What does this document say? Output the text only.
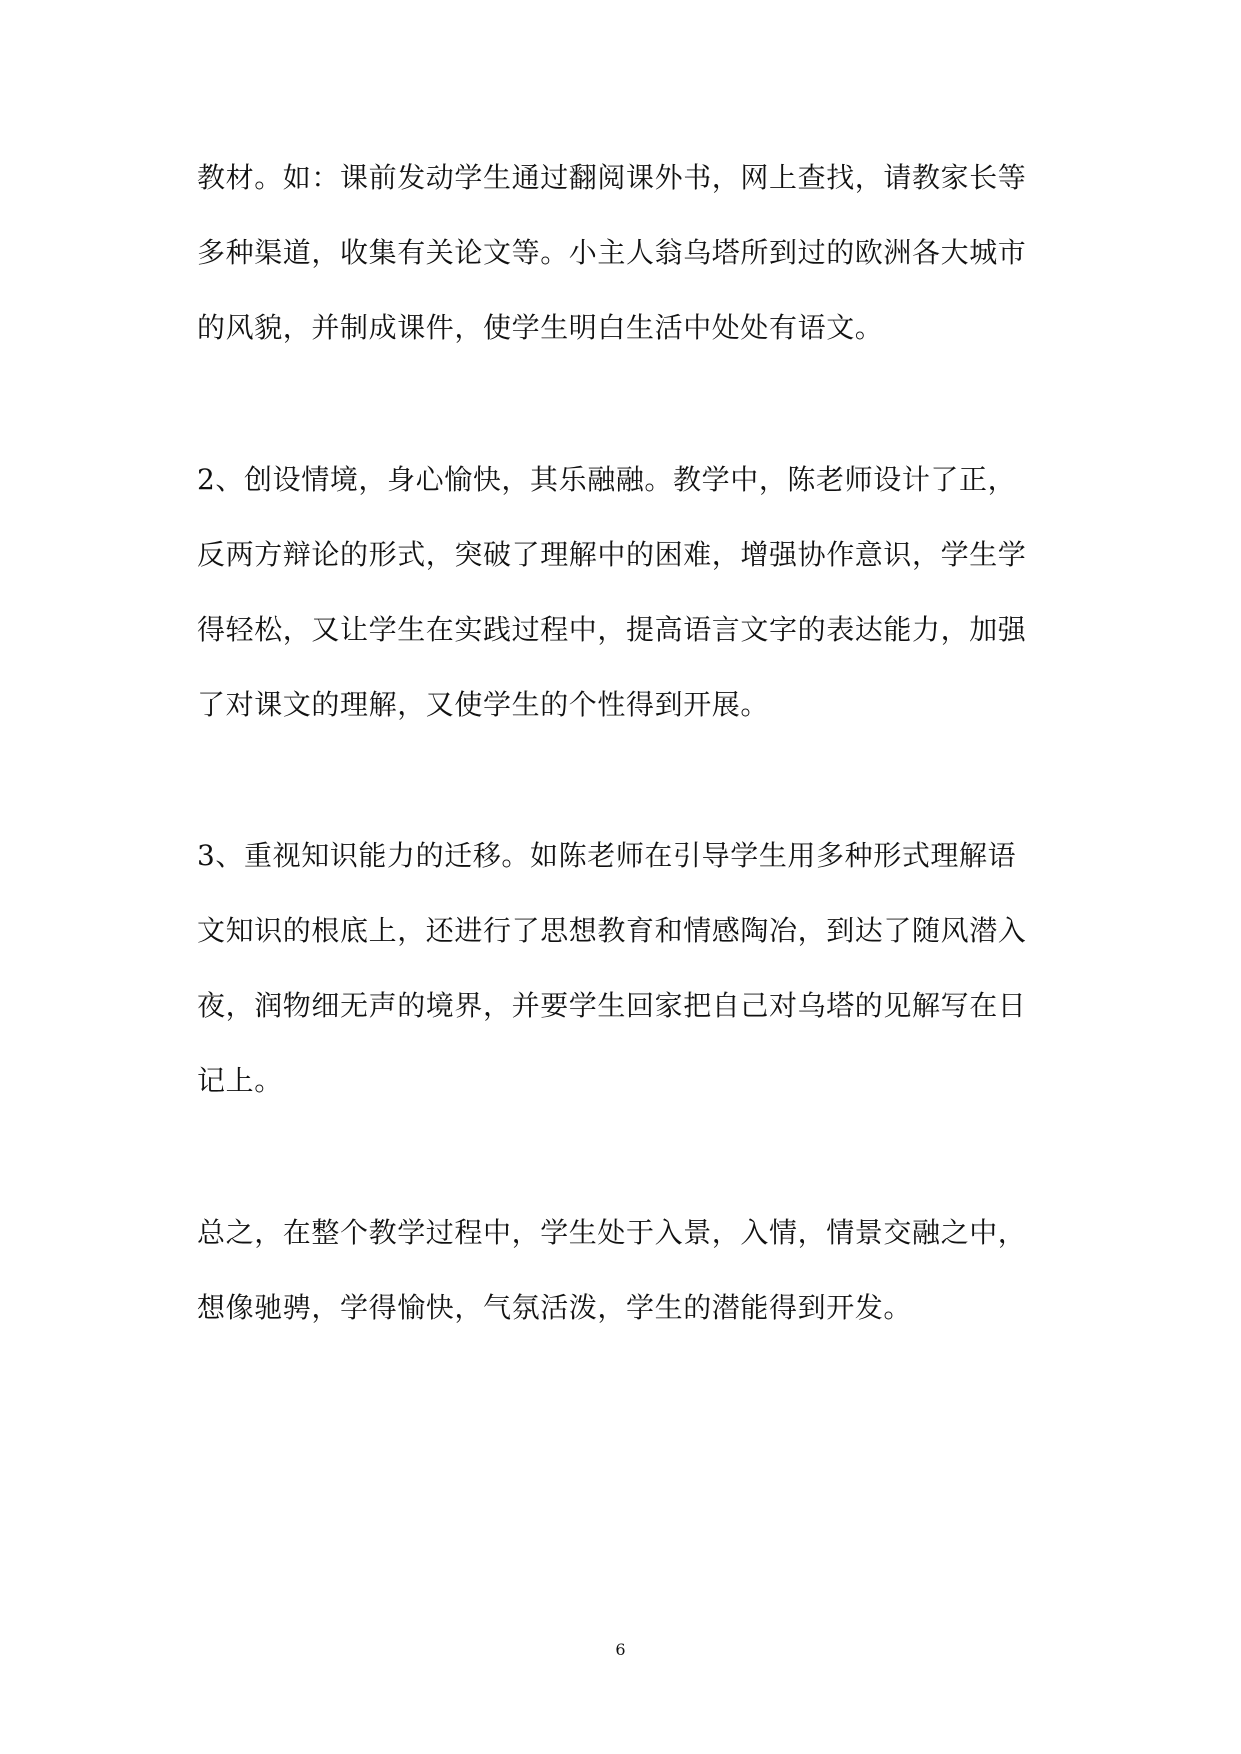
教材。如：课前发动学生通过翻阅课外书，网上查找，请教家长等
多种渠道，收集有关论文等。小主人翁乌塔所到过的欧洲各大城市
的风貌，并制成课件，使学生明白生活中处处有语文。
2、创设情境，身心愉快，其乐融融。教学中，陈老师设计了正，
反两方辩论的形式，突破了理解中的困难，增强协作意识，学生学
得轻松，又让学生在实践过程中，提高语言文字的表达能力，加强
了对课文的理解，又使学生的个性得到开展。
3、重视知识能力的迁移。如陈老师在引导学生用多种形式理解语
文知识的根底上，还进行了思想教育和情感陶冶，到达了随风潜入
夜，润物细无声的境界，并要学生回家把自己对乌塔的见解写在日
记上。
总之，在整个教学过程中，学生处于入景，入情，情景交融之中，
想像驰骋，学得愉快，气氛活泼，学生的潜能得到开发。
6
